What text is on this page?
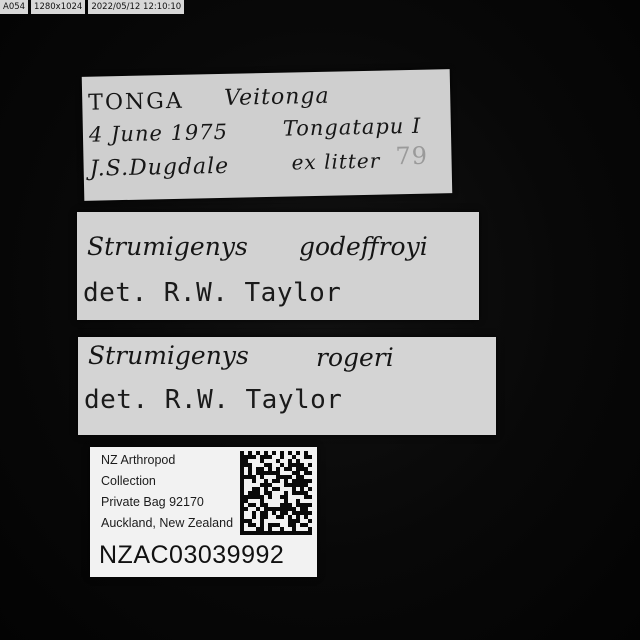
A054	1280x1024	2022/05/12 12:10:10
TONGA Veitonga
4 June 1975	Tongatapu I
J.S.Dugdale	ex litter 79
Strumigenys godeffroyi
det. R.W. Taylor
Strumigenys	rogeri
det. R.W. Taylor
NZ Arthropod
Collection
Private Bag 92170
Auckland, New Zealand
NZAC03039992
